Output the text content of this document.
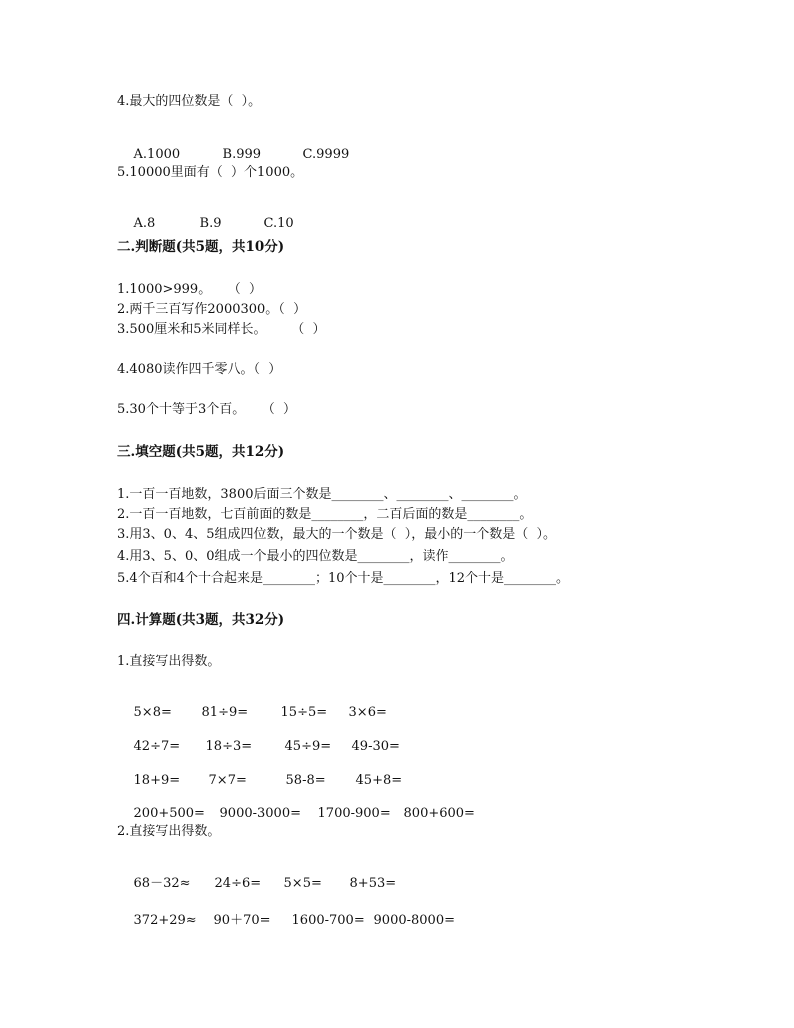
4.最大的四位数是（  ）。

A.1000	B.999	C.9999

5.10000里面有（  ）个1000。

A.8	B.9	C.10

二.判断题(共5题，共10分)
1.1000>999。    （  ）
2.两千三百写作2000300。（  ）
3.500厘米和5米同样长。      （  ）
4.4080读作四千零八。（  ）
5.30个十等于3个百。    （  ）
三.填空题(共5题，共12分)
1.一百一百地数，3800后面三个数是________、________、________。
2.一百一百地数，七百前面的数是________，二百后面的数是________。
3.用3、0、4、5组成四位数，最大的一个数是（  ），最小的一个数是（  ）。
4.用3、5、0、0组成一个最小的四位数是________，读作________。
5.4个百和4个十合起来是________；10个十是________，12个十是________。
四.计算题(共3题，共32分)
1.直接写出得数。

5×8= 81÷9= 15÷5= 3×6=

42÷7= 18÷3= 45÷9= 49-30=

18+9= 7×7=	58-8= 45+8=

200+500= 9000-3000= 1700-900= 800+600=

2.直接写出得数。

68－32≈ 24÷6= 5×5= 8+53=

372+29≈ 90＋70= 1600-700= 9000-8000=
